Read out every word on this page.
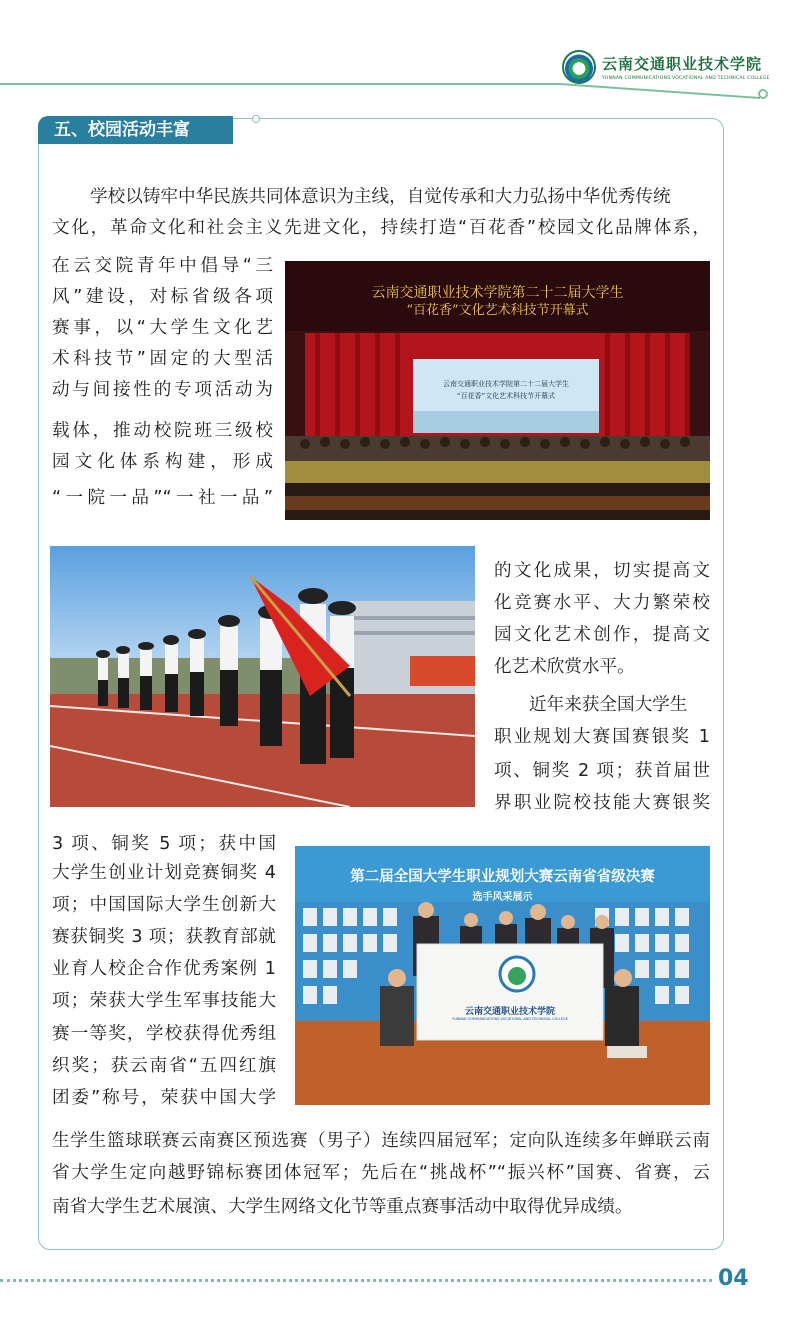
云南交通职业技术学院
YUNNAN COMMUNICATIONS VOCATIONAL AND TECHNICAL COLLEGE
五、校园活动丰富
学校以铸牢中华民族共同体意识为主线，自觉传承和大力弘扬中华优秀传统
文化，革命文化和社会主义先进文化，持续打造“百花香”校园文化品牌体系，
在云交院青年中倡导“三
风”建设，对标省级各项
赛事，以“大学生文化艺
术科技节”固定的大型活
动与间接性的专项活动为
载体，推动校院班三级校
园文化体系构建，形成
“一院一品”“一社一品”
的文化成果，切实提高文
化竞赛水平、大力繁荣校
园文化艺术创作，提高文
化艺术欣赏水平。
近年来获全国大学生
职业规划大赛国赛银奖 1
项、铜奖 2 项；获首届世
界职业院校技能大赛银奖
3 项、铜奖 5 项；获中国
大学生创业计划竞赛铜奖 4
项；中国国际大学生创新大
赛获铜奖 3 项；获教育部就
业育人校企合作优秀案例 1
项；荣获大学生军事技能大
赛一等奖，学校获得优秀组
织奖；获云南省“五四红旗
团委”称号，荣获中国大学
生学生篮球联赛云南赛区预选赛（男子）连续四届冠军；定向队连续多年蝉联云南
省大学生定向越野锦标赛团体冠军；先后在“挑战杯”“振兴杯”国赛、省赛，云
南省大学生艺术展演、大学生网络文化节等重点赛事活动中取得优异成绩。
云南交通职业技术学院第二十二届大学生
“百花香”文化艺术科技节开幕式
云南交通职业技术学院第二十二届大学生
“百花香”文化艺术科技节开幕式
第二届全国大学生职业规划大赛云南省省级决赛
选手风采展示
云南交通职业技术学院
YUNNAN COMMUNICATIONS VOCATIONAL AND TECHNICAL COLLEGE
04
